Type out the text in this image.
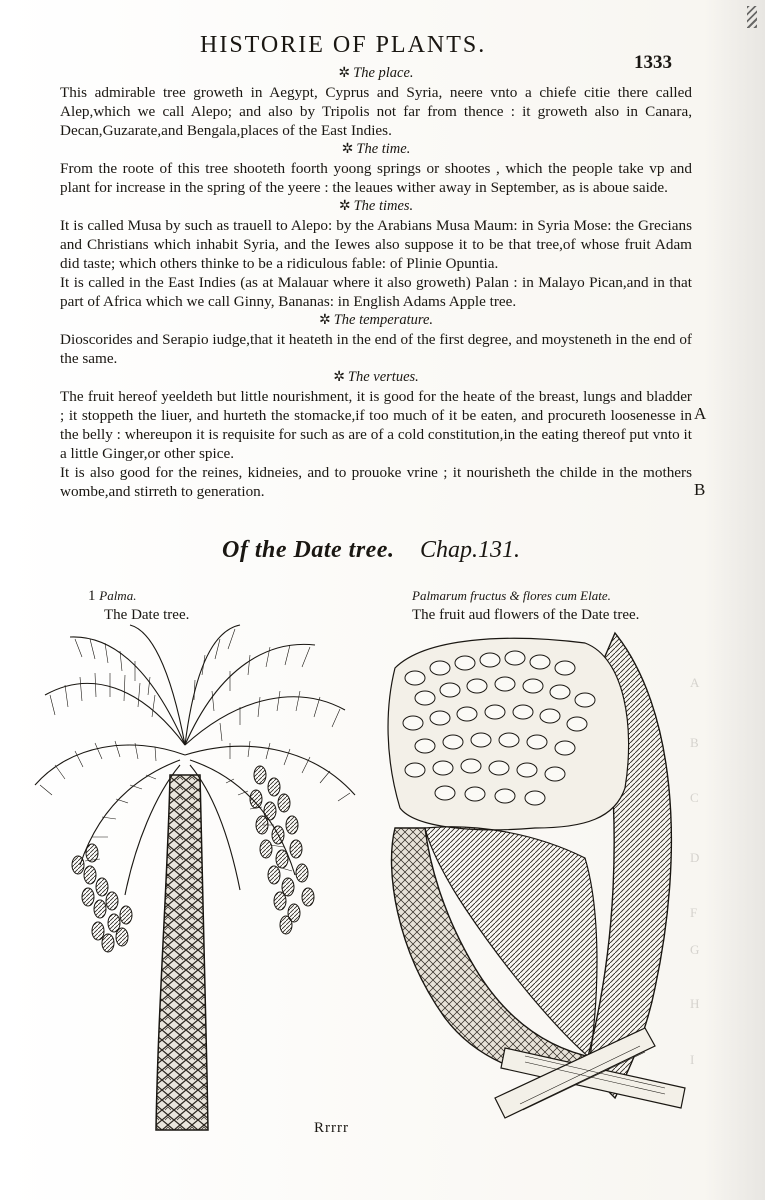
HISTORIE OF PLANTS.
1333

✲ The place.

This admirable tree groweth in Aegypt, Cyprus and Syria, neere vnto a chiefe citie there called Alep,which we call Alepo; and also by Tripolis not far from thence : it groweth also in Canara, Decan,Guzarate,and Bengala,places of the East Indies.

✲ The time.

From the roote of this tree shooteth foorth yoong springs or shootes , which the people take vp and plant for increase in the spring of the yeere : the leaues wither away in September, as is aboue saide.

✲ The times.

It is called Musa by such as trauell to Alepo: by the Arabians Musa Maum: in Syria Mose: the Grecians and Christians which inhabit Syria, and the Iewes also suppose it to be that tree,of whose fruit Adam did taste; which others thinke to be a ridiculous fable: of Plinie Opuntia.

It is called in the East Indies (as at Malauar where it also groweth) Palan : in Malayo Pican,and in that part of Africa which we call Ginny, Bananas: in English Adams Apple tree.

✲ The temperature.

Dioscorides and Serapio iudge,that it heateth in the end of the first degree, and moysteneth in the end of the same.

✲ The vertues.

The fruit hereof yeeldeth but little nourishment, it is good for the heate of the breast, lungs and bladder ; it stoppeth the liuer, and hurteth the stomacke,if too much of it be eaten, and procureth loosenesse in the belly : whereupon it is requisite for such as are of a cold constitution,in the eating thereof put vnto it a little Ginger,or other spice.

It is also good for the reines, kidneies, and to prouoke vrine ; it nourisheth the childe in the mothers wombe,and stirreth to generation.

A
B
A
B
C
D
F
G
H
I
Of the Date tree. Chap.131.
1 Palma.
The Date tree.
Palmarum fructus & flores cum Elate.
The fruit aud flowers of the Date tree.
Rrrrr
